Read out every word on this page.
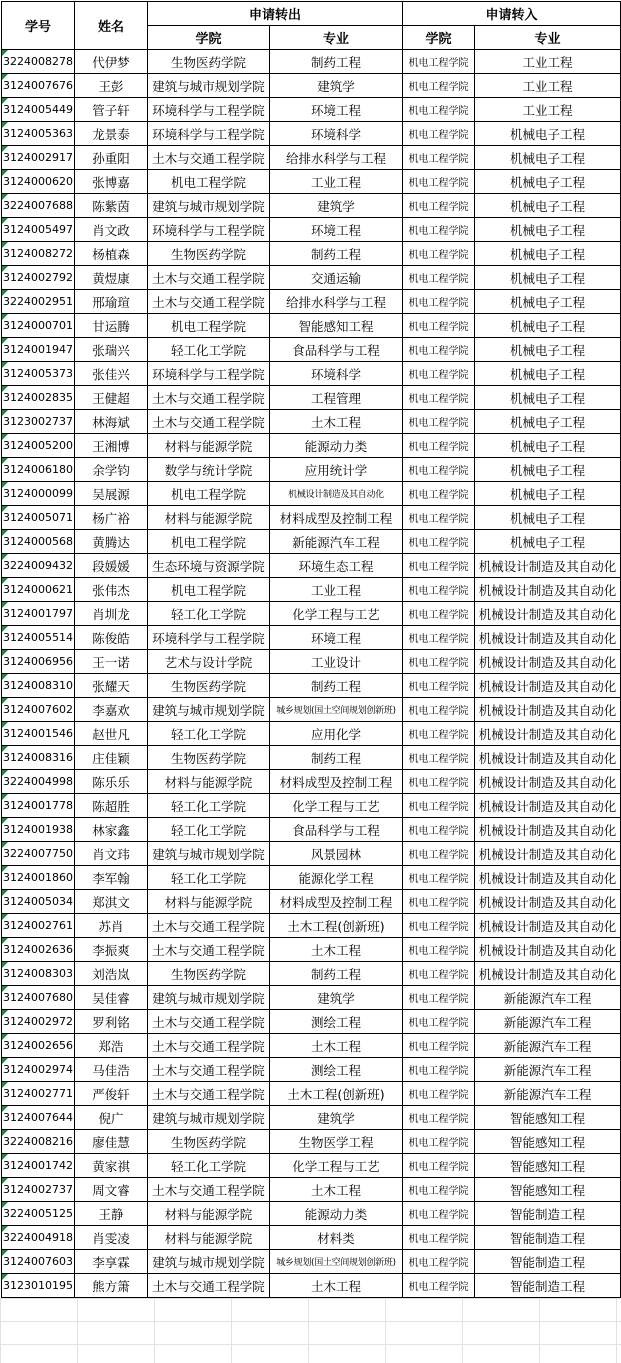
学号	姓名	申请转出		申请转入	
		学院	专业	学院	专业
3224008278	代伊梦	生物医药学院	制药工程	机电工程学院	工业工程
3124007676	王彭	建筑与城市规划学院	建筑学	机电工程学院	工业工程
3124005449	管子轩	环境科学与工程学院	环境工程	机电工程学院	工业工程
3124005363	龙景泰	环境科学与工程学院	环境科学	机电工程学院	机械电子工程
3124002917	孙重阳	土木与交通工程学院	给排水科学与工程	机电工程学院	机械电子工程
3124000620	张博嘉	机电工程学院	工业工程	机电工程学院	机械电子工程
3224007688	陈紫茵	建筑与城市规划学院	建筑学	机电工程学院	机械电子工程
3124005497	肖文政	环境科学与工程学院	环境工程	机电工程学院	机械电子工程
3124008272	杨植森	生物医药学院	制药工程	机电工程学院	机械电子工程
3124002792	黄煜康	土木与交通工程学院	交通运输	机电工程学院	机械电子工程
3224002951	邢瑜瑄	土木与交通工程学院	给排水科学与工程	机电工程学院	机械电子工程
3124000701	甘运腾	机电工程学院	智能感知工程	机电工程学院	机械电子工程
3124001947	张瑞兴	轻工化工学院	食品科学与工程	机电工程学院	机械电子工程
3124005373	张佳兴	环境科学与工程学院	环境科学	机电工程学院	机械电子工程
3124002835	王健超	土木与交通工程学院	工程管理	机电工程学院	机械电子工程
3123002737	林海斌	土木与交通工程学院	土木工程	机电工程学院	机械电子工程
3124005200	王湘博	材料与能源学院	能源动力类	机电工程学院	机械电子工程
3124006180	余学钧	数学与统计学院	应用统计学	机电工程学院	机械电子工程
3124000099	吴展源	机电工程学院	机械设计制造及其自动化	机电工程学院	机械电子工程
3124005071	杨广裕	材料与能源学院	材料成型及控制工程	机电工程学院	机械电子工程
3124000568	黄腾达	机电工程学院	新能源汽车工程	机电工程学院	机械电子工程
3224009432	段媛媛	生态环境与资源学院	环境生态工程	机电工程学院	机械设计制造及其自动化
3124000621	张伟杰	机电工程学院	工业工程	机电工程学院	机械设计制造及其自动化
3124001797	肖圳龙	轻工化工学院	化学工程与工艺	机电工程学院	机械设计制造及其自动化
3124005514	陈俊皓	环境科学与工程学院	环境工程	机电工程学院	机械设计制造及其自动化
3124006956	王一诺	艺术与设计学院	工业设计	机电工程学院	机械设计制造及其自动化
3124008310	张耀天	生物医药学院	制药工程	机电工程学院	机械设计制造及其自动化
3124007602	李嘉欢	建筑与城市规划学院	城乡规划(国土空间规划创新班)	机电工程学院	机械设计制造及其自动化
3124001546	赵世凡	轻工化工学院	应用化学	机电工程学院	机械设计制造及其自动化
3124008316	庄佳颖	生物医药学院	制药工程	机电工程学院	机械设计制造及其自动化
3224004998	陈乐乐	材料与能源学院	材料成型及控制工程	机电工程学院	机械设计制造及其自动化
3124001778	陈超胜	轻工化工学院	化学工程与工艺	机电工程学院	机械设计制造及其自动化
3124001938	林家鑫	轻工化工学院	食品科学与工程	机电工程学院	机械设计制造及其自动化
3224007750	肖文玮	建筑与城市规划学院	风景园林	机电工程学院	机械设计制造及其自动化
3124001860	李军翰	轻工化工学院	能源化学工程	机电工程学院	机械设计制造及其自动化
3124005034	郑淇文	材料与能源学院	材料成型及控制工程	机电工程学院	机械设计制造及其自动化
3124002761	苏肖	土木与交通工程学院	土木工程(创新班)	机电工程学院	机械设计制造及其自动化
3124002636	李振爽	土木与交通工程学院	土木工程	机电工程学院	机械设计制造及其自动化
3124008303	刘浩岚	生物医药学院	制药工程	机电工程学院	机械设计制造及其自动化
3124007680	吴佳睿	建筑与城市规划学院	建筑学	机电工程学院	新能源汽车工程
3124002972	罗利铭	土木与交通工程学院	测绘工程	机电工程学院	新能源汽车工程
3124002656	郑浩	土木与交通工程学院	土木工程	机电工程学院	新能源汽车工程
3124002974	马佳浩	土木与交通工程学院	测绘工程	机电工程学院	新能源汽车工程
3124002771	严俊轩	土木与交通工程学院	土木工程(创新班)	机电工程学院	新能源汽车工程
3124007644	倪广	建筑与城市规划学院	建筑学	机电工程学院	智能感知工程
3224008216	廖佳慧	生物医药学院	生物医学工程	机电工程学院	智能感知工程
3124001742	黄家祺	轻工化工学院	化学工程与工艺	机电工程学院	智能感知工程
3124002737	周文睿	土木与交通工程学院	土木工程	机电工程学院	智能感知工程
3224005125	王静	材料与能源学院	能源动力类	机电工程学院	智能制造工程
3224004918	肖雯凌	材料与能源学院	材料类	机电工程学院	智能制造工程
3124007603	李享霖	建筑与城市规划学院	城乡规划(国土空间规划创新班)	机电工程学院	智能制造工程
3123010195	熊方箫	土木与交通工程学院	土木工程	机电工程学院	智能制造工程
